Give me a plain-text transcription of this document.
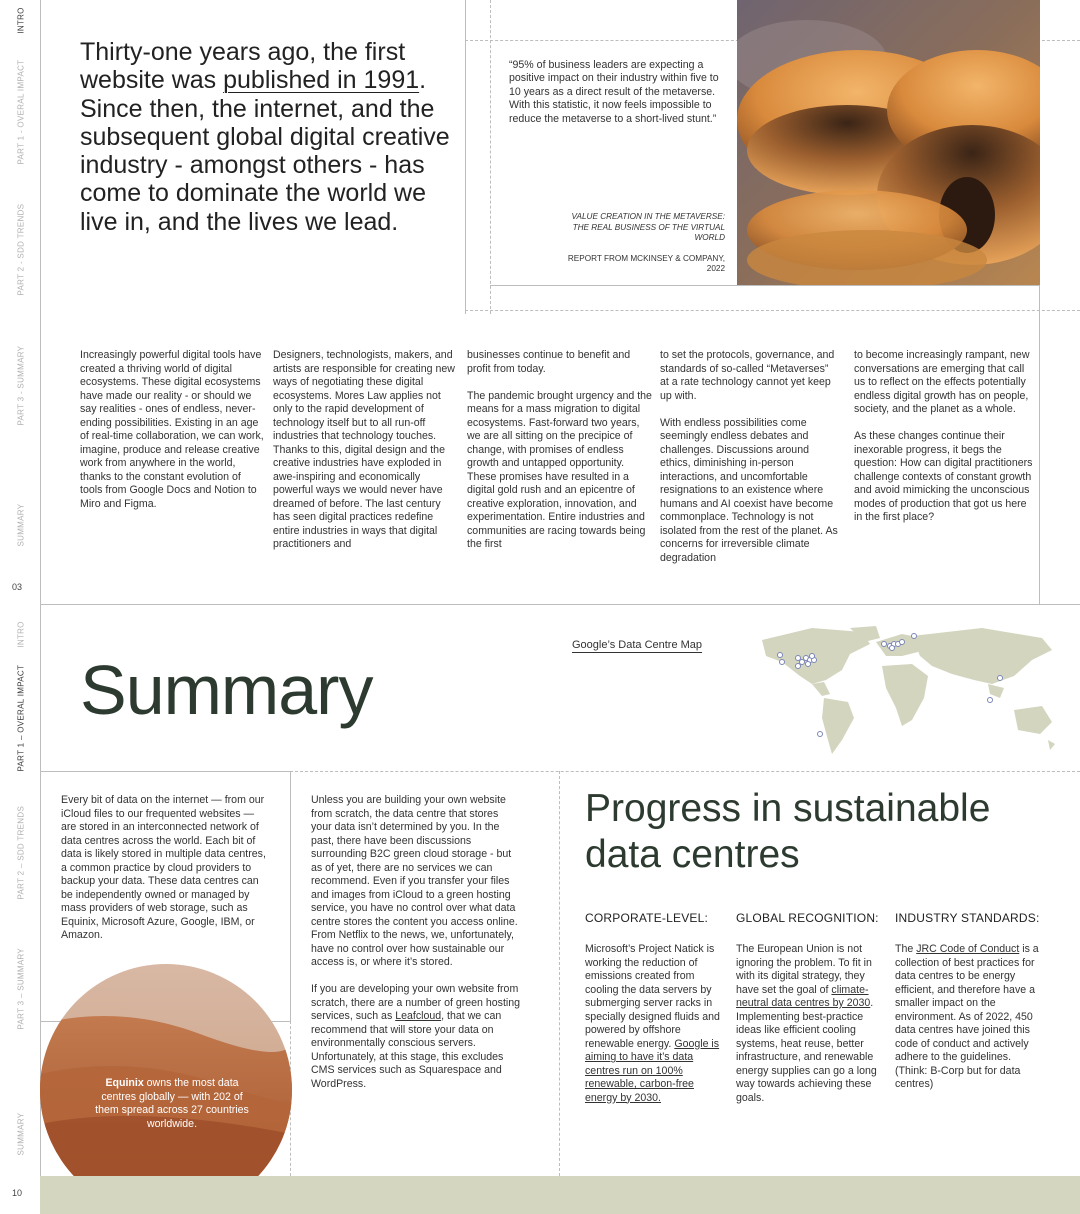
INTRO
PART 1 - OVERAL IMPACT
PART 2 - SDD TRENDS
PART 3 - SUMMARY
SUMMARY
03
INTRO
PART 1 – OVERAL IMPACT
PART 2 – SDD TRENDS
PART 3 – SUMMARY
SUMMARY
10
Thirty-one years ago, the first website was published in 1991. Since then, the internet, and the subsequent global digital creative industry - amongst others - has come to dominate the world we live in, and the lives we lead.
“95% of business leaders are expecting a positive impact on their industry within five to 10 years as a direct result of the metaverse. With this statistic, it now feels impossible to reduce the metaverse to a short-lived stunt.”
VALUE CREATION IN THE METAVERSE: THE REAL BUSINESS OF THE VIRTUAL WORLD
REPORT FROM MCKINSEY & COMPANY, 2022

Increasingly powerful digital tools have created a thriving world of digital ecosystems. These digital ecosystems have made our reality - or should we say realities - ones of endless, never-ending possibilities. Existing in an age of real-time collaboration, we can work, imagine, produce and release creative work from anywhere in the world, thanks to the constant evolution of tools from Google Docs and Notion to Miro and Figma.

Designers, technologists, makers, and artists are responsible for creating new ways of negotiating these digital ecosystems. Mores Law applies not only to the rapid development of technology itself but to all run-off industries that technology touches. Thanks to this, digital design and the creative industries have exploded in awe-inspiring and economically powerful ways we would never have dreamed of before. The last century has seen digital practices redefine entire industries in ways that digital practitioners and

businesses continue to benefit and profit from today.

The pandemic brought urgency and the means for a mass migration to digital ecosystems. Fast-forward two years, we are all sitting on the precipice of change, with promises of endless growth and untapped opportunity. These promises have resulted in a digital gold rush and an epicentre of creative exploration, innovation, and experimentation. Entire industries and communities are racing towards being the first

to set the protocols, governance, and standards of so-called “Metaverses” at a rate technology cannot yet keep up with.

With endless possibilities come seemingly endless debates and challenges. Discussions around ethics, diminishing in-person interactions, and uncomfortable resignations to an existence where humans and AI coexist have become commonplace. Technology is not isolated from the rest of the planet. As concerns for irreversible climate degradation

to become increasingly rampant, new conversations are emerging that call us to reflect on the effects potentially endless digital growth has on people, society, and the planet as a whole.

As these changes continue their inexorable progress, it begs the question: How can digital practitioners challenge contexts of constant growth and avoid mimicking the unconscious modes of production that got us here in the first place?

Summary
Google’s Data Centre Map

Every bit of data on the internet — from our iCloud files to our frequented websites — are stored in an interconnected network of data centres across the world. Each bit of data is likely stored in multiple data centres, a common practice by cloud providers to backup your data. These data centres can be independently owned or managed by mass providers of web storage, such as Equinix, Microsoft Azure, Google, IBM, or Amazon.

Unless you are building your own website from scratch, the data centre that stores your data isn’t determined by you. In the past, there have been discussions surrounding B2C green cloud storage - but as of yet, there are no services we can recommend. Even if you transfer your files and images from iCloud to a green hosting service, you have no control over what data centre stores the content you access online. From Netflix to the news, we, unfortunately, have no control over how sustainable our access is, or where it’s stored.

If you are developing your own website from scratch, there are a number of green hosting services, such as Leafcloud, that we can recommend that will store your data on environmentally conscious servers. Unfortunately, at this stage, this excludes CMS services such as Squarespace and WordPress.

Equinix owns the most data centres globally — with 202 of them spread across 27 countries worldwide.
Progress in sustainable data centres
CORPORATE-LEVEL: GLOBAL RECOGNITION: INDUSTRY STANDARDS:
Microsoft’s Project Natick is working the reduction of emissions created from cooling the data servers by submerging server racks in specially designed fluids and powered by offshore renewable energy. Google is aiming to have it’s data centres run on 100% renewable, carbon-free energy by 2030.
The European Union is not ignoring the problem. To fit in with its digital strategy, they have set the goal of climate-neutral data centres by 2030. Implementing best-practice ideas like efficient cooling systems, heat reuse, better infrastructure, and renewable energy supplies can go a long way towards achieving these goals.
The JRC Code of Conduct is a collection of best practices for data centres to be energy efficient, and therefore have a smaller impact on the environment. As of 2022, 450 data centres have joined this code of conduct and actively adhere to the guidelines. (Think: B-Corp but for data centres)
